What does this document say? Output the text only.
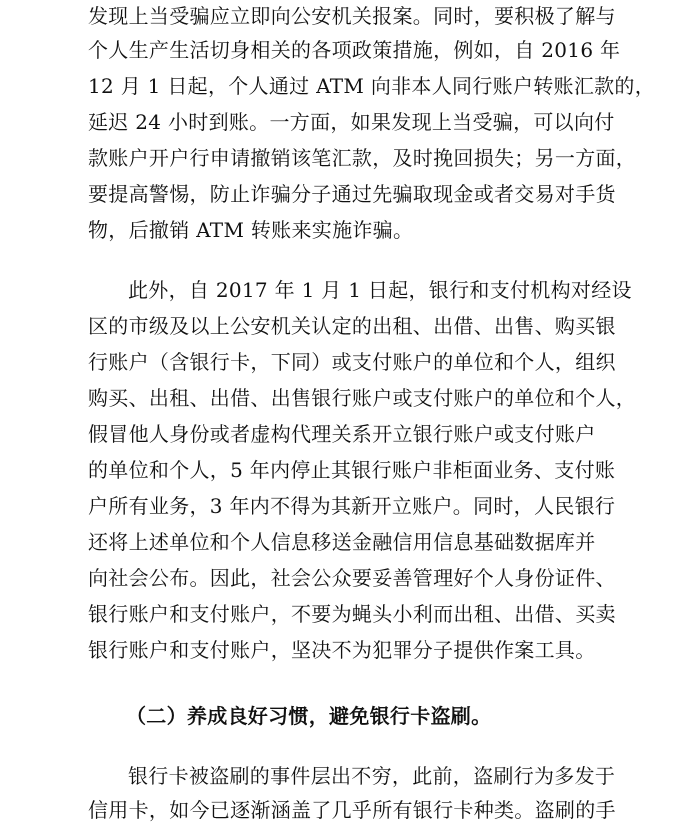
发现上当受骗应立即向公安机关报案。同时，要积极了解与
个人生产生活切身相关的各项政策措施，例如，自 2016 年
12 月 1 日起，个人通过 ATM 向非本人同行账户转账汇款的，
延迟 24 小时到账。一方面，如果发现上当受骗，可以向付
款账户开户行申请撤销该笔汇款，及时挽回损失；另一方面，
要提高警惕，防止诈骗分子通过先骗取现金或者交易对手货
物，后撤销 ATM 转账来实施诈骗。
此外，自 2017 年 1 月 1 日起，银行和支付机构对经设
区的市级及以上公安机关认定的出租、出借、出售、购买银
行账户（含银行卡，下同）或支付账户的单位和个人，组织
购买、出租、出借、出售银行账户或支付账户的单位和个人，
假冒他人身份或者虚构代理关系开立银行账户或支付账户
的单位和个人，5 年内停止其银行账户非柜面业务、支付账
户所有业务，3 年内不得为其新开立账户。同时，人民银行
还将上述单位和个人信息移送金融信用信息基础数据库并
向社会公布。因此，社会公众要妥善管理好个人身份证件、
银行账户和支付账户，不要为蝇头小利而出租、出借、买卖
银行账户和支付账户，坚决不为犯罪分子提供作案工具。
（二）养成良好习惯，避免银行卡盗刷。
银行卡被盗刷的事件层出不穷，此前，盗刷行为多发于
信用卡，如今已逐渐涵盖了几乎所有银行卡种类。盗刷的手
